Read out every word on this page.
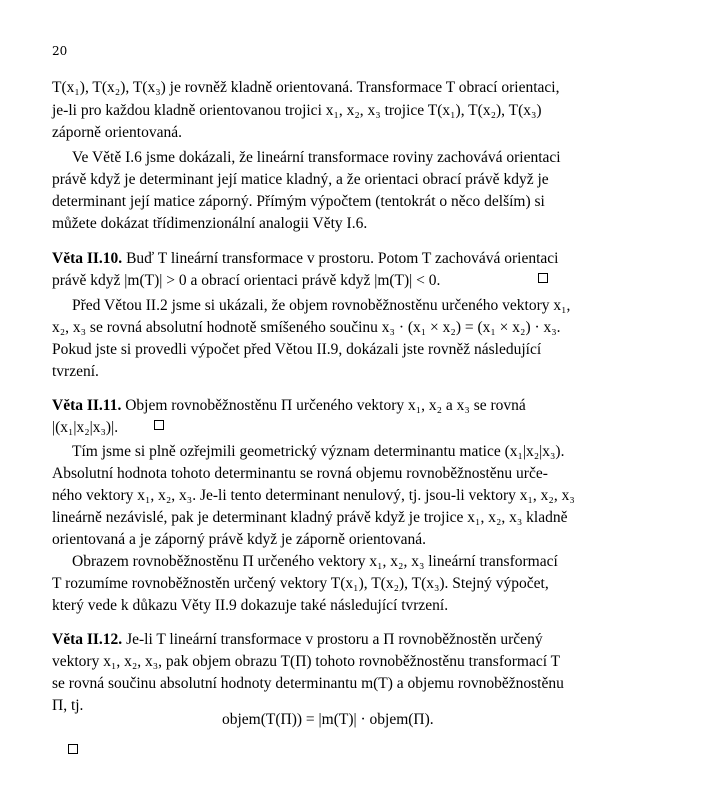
20
T(x₁), T(x₂), T(x₃) je rovněž kladně orientovaná. Transformace T obrací orientaci,
je-li pro každou kladně orientovanou trojici x₁, x₂, x₃ trojice T(x₁), T(x₂), T(x₃)
záporně orientovaná.
Ve Větě I.6 jsme dokázali, že lineární transformace roviny zachovává orientaci
právě když je determinant její matice kladný, a že orientaci obrací právě když je
determinant její matice záporný. Přímým výpočtem (tentokrát o něco delším) si
můžete dokázat třídimenzionální analogii Věty I.6.
Věta II.10. Buď T lineární transformace v prostoru. Potom T zachovává orientaci
právě když |m(T)| > 0 a obrací orientaci právě když |m(T)| < 0.
Před Větou II.2 jsme si ukázali, že objem rovnoběžnostěnu určeného vektory x₁,
x₂, x₃ se rovná absolutní hodnotě smíšeného součinu x₃ · (x₁ × x₂) = (x₁ × x₂) · x₃.
Pokud jste si provedli výpočet před Větou II.9, dokázali jste rovněž následující
tvrzení.
Věta II.11. Objem rovnoběžnostěnu Π určeného vektory x₁, x₂ a x₃ se rovná
|(x₁|x₂|x₃)|.
Tím jsme si plně ozřejmili geometrický význam determinantu matice (x₁|x₂|x₃).
Absolutní hodnota tohoto determinantu se rovná objemu rovnoběžnostěnu urče-
ného vektory x₁, x₂, x₃. Je-li tento determinant nenulový, tj. jsou-li vektory x₁, x₂, x₃
lineárně nezávislé, pak je determinant kladný právě když je trojice x₁, x₂, x₃ kladně
orientovaná a je záporný právě když je záporně orientovaná.
Obrazem rovnoběžnostěnu Π určeného vektory x₁, x₂, x₃ lineární transformací
T rozumíme rovnoběžnostěn určený vektory T(x₁), T(x₂), T(x₃). Stejný výpočet,
který vede k důkazu Věty II.9 dokazuje také následující tvrzení.
Věta II.12. Je-li T lineární transformace v prostoru a Π rovnoběžnostěn určený
vektory x₁, x₂, x₃, pak objem obrazu T(Π) tohoto rovnoběžnostěnu transformací T
se rovná součinu absolutní hodnoty determinantu m(T) a objemu rovnoběžnostěnu
Π, tj.
objem(T(Π)) = |m(T)| · objem(Π).
